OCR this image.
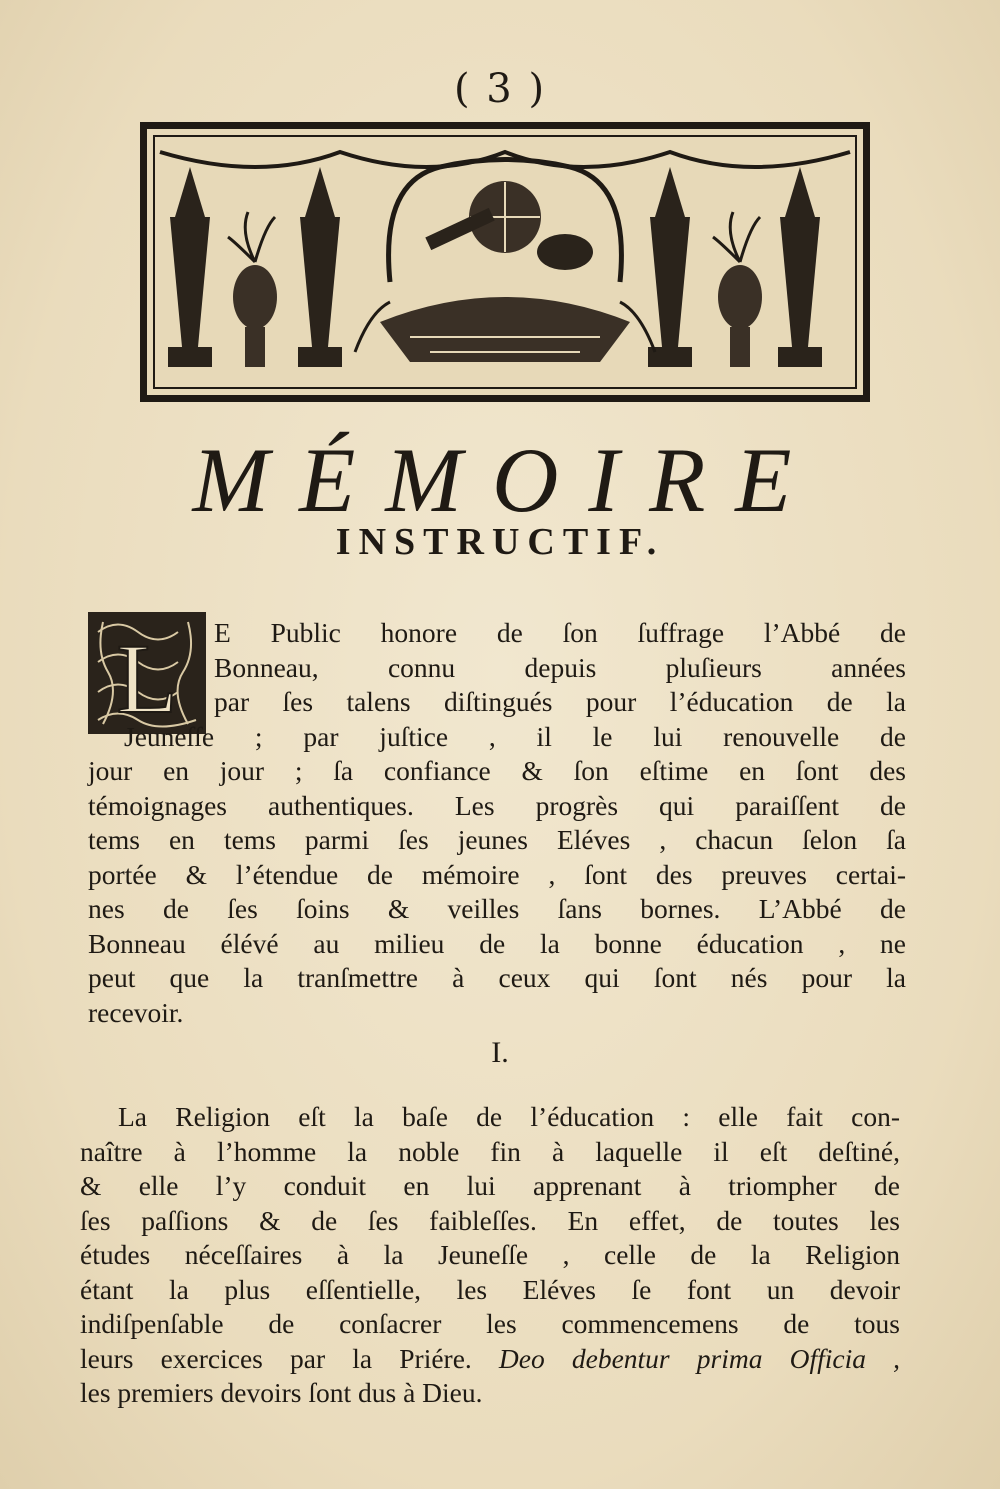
( 3 )
MÉMOIRE
INSTRUCTIF.
L E Public honore de ſon ſuffrage l’Abbé de
Bonneau, connu depuis pluſieurs années
par ſes talens diſtingués pour l’éducation de la
Jeuneſſe ; par juſtice , il le lui renouvelle de
jour en jour ; ſa confiance & ſon eſtime en ſont des
témoignages authentiques. Les progrès qui paraiſſent de
tems en tems parmi ſes jeunes Eléves , chacun ſelon ſa
portée & l’étendue de mémoire , ſont des preuves certai-
nes de ſes ſoins & veilles ſans bornes. L’Abbé de
Bonneau élévé au milieu de la bonne éducation , ne
peut que la tranſmettre à ceux qui ſont nés pour la
recevoir.
I.
La Religion eſt la baſe de l’éducation : elle fait con-
naître à l’homme la noble fin à laquelle il eſt deſtiné,
& elle l’y conduit en lui apprenant à triompher de
ſes paſſions & de ſes faibleſſes. En effet, de toutes les
études néceſſaires à la Jeuneſſe , celle de la Religion
étant la plus eſſentielle, les Eléves ſe font un devoir
indiſpenſable de conſacrer les commencemens de tous
leurs exercices par la Priére. Deo debentur prima Officia ,
les premiers devoirs ſont dus à Dieu.
